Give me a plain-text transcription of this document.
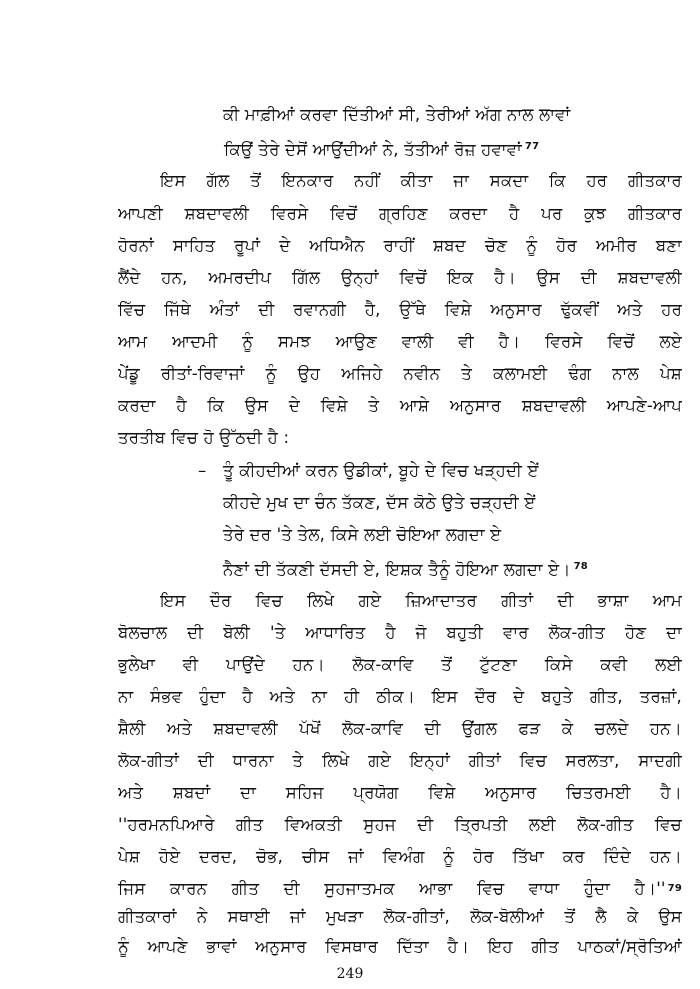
ਕੀ ਮਾਫ਼ੀਆਂ ਕਰਵਾ ਦਿੱਤੀਆਂ ਸੀ, ਤੇਰੀਆਂ ਅੱਗ ਨਾਲ ਲਾਵਾਂ
ਕਿਉਂ ਤੇਰੇ ਦੇਸੋਂ ਆਉਂਦੀਆਂ ਨੇ, ਤੱਤੀਆਂ ਰੋਜ਼ ਹਵਾਵਾਂ $^{77}$
ਇਸ ਗੱਲ ਤੋਂ ਇਨਕਾਰ ਨਹੀਂ ਕੀਤਾ ਜਾ ਸਕਦਾ ਕਿ ਹਰ ਗੀਤਕਾਰ
ਆਪਣੀ ਸ਼ਬਦਾਵਲੀ ਵਿਰਸੇ ਵਿਚੋਂ ਗ੍ਰਹਿਣ ਕਰਦਾ ਹੈ ਪਰ ਕੁਝ ਗੀਤਕਾਰ
ਹੋਰਨਾਂ ਸਾਹਿਤ ਰੂਪਾਂ ਦੇ ਅਧਿਐਨ ਰਾਹੀਂ ਸ਼ਬਦ ਚੋਣ ਨੂੰ ਹੋਰ ਅਮੀਰ ਬਣਾ
ਲੈਂਦੇ ਹਨ, ਅਮਰਦੀਪ ਗਿੱਲ ਉਨ੍ਹਾਂ ਵਿਚੋਂ ਇਕ ਹੈ। ਉਸ ਦੀ ਸ਼ਬਦਾਵਲੀ
ਵਿੱਚ ਜਿੱਥੇ ਅੰਤਾਂ ਦੀ ਰਵਾਨਗੀ ਹੈ, ਉੱਥੇ ਵਿਸ਼ੇ ਅਨੁਸਾਰ ਢੁੱਕਵੀਂ ਅਤੇ ਹਰ
ਆਮ ਆਦਮੀ ਨੂੰ ਸਮਝ ਆਉਣ ਵਾਲੀ ਵੀ ਹੈ। ਵਿਰਸੇ ਵਿਚੋਂ ਲਏ
ਪੇਂਡੂ ਰੀਤਾਂ-ਰਿਵਾਜਾਂ ਨੂੰ ਉਹ ਅਜਿਹੇ ਨਵੀਨ ਤੇ ਕਲਾਮਈ ਢੰਗ ਨਾਲ ਪੇਸ਼
ਕਰਦਾ ਹੈ ਕਿ ਉਸ ਦੇ ਵਿਸ਼ੇ ਤੇ ਆਸ਼ੇ ਅਨੁਸਾਰ ਸ਼ਬਦਾਵਲੀ ਆਪਣੇ-ਆਪ
ਤਰਤੀਬ ਵਿਚ ਹੋ ਉੱਠਦੀ ਹੈ :
– ਤੂੰ ਕੀਹਦੀਆਂ ਕਰਨ ਉਡੀਕਾਂ, ਬੂਹੇ ਦੇ ਵਿਚ ਖੜ੍ਹਦੀ ਏਂ
ਕੀਹਦੇ ਮੁਖ ਦਾ ਚੰਨ ਤੱਕਣ, ਦੱਸ ਕੋਠੇ ਉਤੇ ਚੜ੍ਹਦੀ ਏਂ
ਤੇਰੇ ਦਰ 'ਤੇ ਤੇਲ, ਕਿਸੇ ਲਈ ਚੋਇਆ ਲਗਦਾ ਏ
ਨੈਣਾਂ ਦੀ ਤੱਕਣੀ ਦੱਸਦੀ ਏ, ਇਸ਼ਕ ਤੈਨੂੰ ਹੋਇਆ ਲਗਦਾ ਏ। $^{78}$
ਇਸ ਦੌਰ ਵਿਚ ਲਿਖੇ ਗਏ ਜ਼ਿਆਦਾਤਰ ਗੀਤਾਂ ਦੀ ਭਾਸ਼ਾ ਆਮ
ਬੋਲਚਾਲ ਦੀ ਬੋਲੀ 'ਤੇ ਆਧਾਰਿਤ ਹੈ ਜੋ ਬਹੁਤੀ ਵਾਰ ਲੋਕ-ਗੀਤ ਹੋਣ ਦਾ
ਭੁਲੇਖਾ ਵੀ ਪਾਉਂਦੇ ਹਨ। ਲੋਕ-ਕਾਵਿ ਤੋਂ ਟੁੱਟਣਾ ਕਿਸੇ ਕਵੀ ਲਈ
ਨਾ ਸੰਭਵ ਹੁੰਦਾ ਹੈ ਅਤੇ ਨਾ ਹੀ ਠੀਕ। ਇਸ ਦੌਰ ਦੇ ਬਹੁਤੇ ਗੀਤ, ਤਰਜ਼ਾਂ,
ਸ਼ੈਲੀ ਅਤੇ ਸ਼ਬਦਾਵਲੀ ਪੱਖੋਂ ਲੋਕ-ਕਾਵਿ ਦੀ ਉਂਗਲ ਫੜ ਕੇ ਚਲਦੇ ਹਨ।
ਲੋਕ-ਗੀਤਾਂ ਦੀ ਧਾਰਨਾ ਤੇ ਲਿਖੇ ਗਏ ਇਨ੍ਹਾਂ ਗੀਤਾਂ ਵਿਚ ਸਰਲਤਾ, ਸਾਦਗੀ
ਅਤੇ ਸ਼ਬਦਾਂ ਦਾ ਸਹਿਜ ਪ੍ਰਯੋਗ ਵਿਸ਼ੇ ਅਨੁਸਾਰ ਚਿਤਰਮਈ ਹੈ।
''ਹਰਮਨਪਿਆਰੇ ਗੀਤ ਵਿਅਕਤੀ ਸੁਹਜ ਦੀ ਤ੍ਰਿਪਤੀ ਲਈ ਲੋਕ-ਗੀਤ ਵਿਚ
ਪੇਸ਼ ਹੋਏ ਦਰਦ, ਚੋਭ, ਚੀਸ ਜਾਂ ਵਿਅੰਗ ਨੂੰ ਹੋਰ ਤਿੱਖਾ ਕਰ ਦਿੰਦੇ ਹਨ।
ਜਿਸ ਕਾਰਨ ਗੀਤ ਦੀ ਸੁਹਜਾਤਮਕ ਆਭਾ ਵਿਚ ਵਾਧਾ ਹੁੰਦਾ ਹੈ।'' 79
249
ਗੀਤਕਾਰਾਂ ਨੇ ਸਥਾਈ ਜਾਂ ਮੁਖੜਾ ਲੋਕ-ਗੀਤਾਂ, ਲੋਕ-ਬੋਲੀਆਂ ਤੋਂ ਲੈ ਕੇ ਉਸ
ਨੂੰ ਆਪਣੇ ਭਾਵਾਂ ਅਨੁਸਾਰ ਵਿਸਥਾਰ ਦਿੱਤਾ ਹੈ। ਇਹ ਗੀਤ ਪਾਠਕਾਂ/ਸ੍ਰੋਤਿਆਂ
